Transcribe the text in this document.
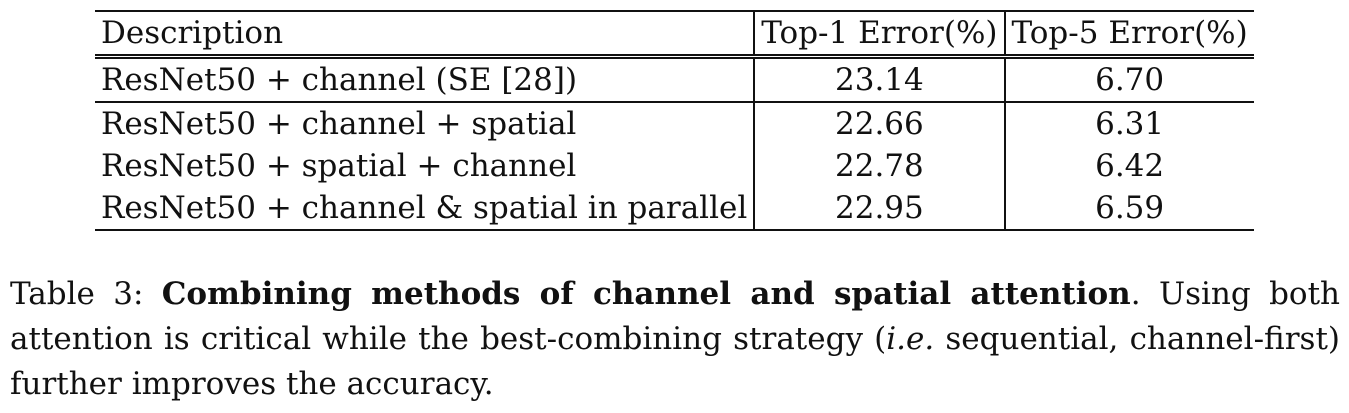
Description	Top-1 Error(%)	Top-5 Error(%)
ResNet50 + channel (SE [28])	23.14	6.70
ResNet50 + channel + spatial	22.66	6.31
ResNet50 + spatial + channel	22.78	6.42
ResNet50 + channel & spatial in parallel	22.95	6.59
Table 3: Combining methods of channel and spatial attention. Using both attention is critical while the best-combining strategy (i.e. sequential, channel-first) further improves the accuracy.
